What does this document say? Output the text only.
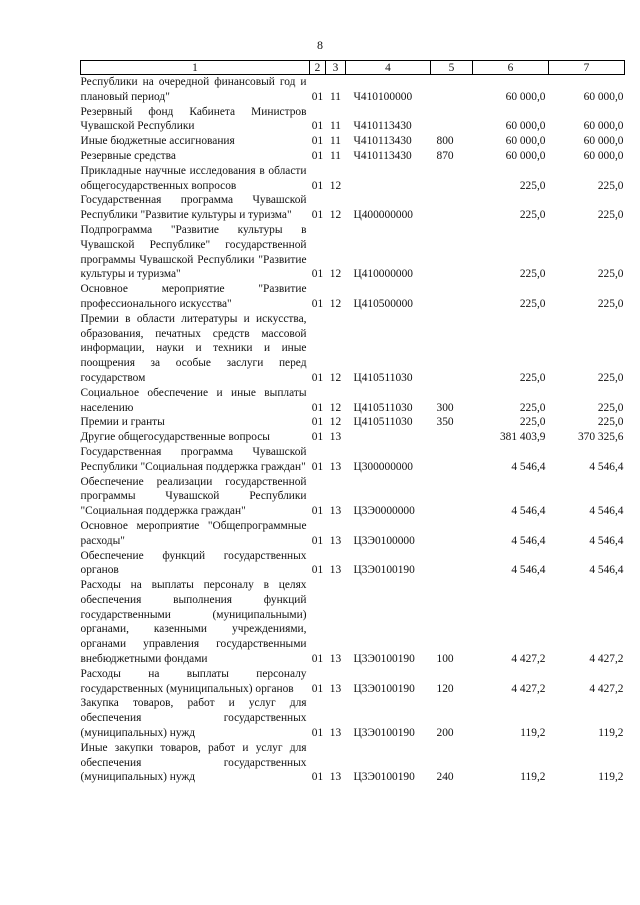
8
1	2	3	4	5	6	7
Республики на очередной финансовый год и плановый период"	01	11	Ч410100000		60 000,0	60 000,0
Резервный фонд Кабинета Министров Чувашской Республики	01	11	Ч410113430		60 000,0	60 000,0
Иные бюджетные ассигнования	01	11	Ч410113430	800	60 000,0	60 000,0
Резервные средства	01	11	Ч410113430	870	60 000,0	60 000,0
Прикладные научные исследования в области общегосударственных вопросов	01	12			225,0	225,0
Государственная программа Чувашской Республики "Развитие культуры и туризма"	01	12	Ц400000000		225,0	225,0
Подпрограмма "Развитие культуры в Чувашской Республике" государственной программы Чувашской Республики "Развитие культуры и туризма"	01	12	Ц410000000		225,0	225,0
Основное мероприятие "Развитие профессионального искусства"	01	12	Ц410500000		225,0	225,0
Премии в области литературы и искусства, образования, печатных средств массовой информации, науки и техники и иные поощрения за особые заслуги перед государством	01	12	Ц410511030		225,0	225,0
Социальное обеспечение и иные выплаты населению	01	12	Ц410511030	300	225,0	225,0
Премии и гранты	01	12	Ц410511030	350	225,0	225,0
Другие общегосударственные вопросы	01	13			381 403,9	370 325,6
Государственная программа Чувашской Республики "Социальная поддержка граждан"	01	13	Ц300000000		4 546,4	4 546,4
Обеспечение реализации государственной программы Чувашской Республики "Социальная поддержка граждан"	01	13	Ц3Э0000000		4 546,4	4 546,4
Основное мероприятие "Общепрограммные расходы"	01	13	Ц3Э0100000		4 546,4	4 546,4
Обеспечение функций государственных органов	01	13	Ц3Э0100190		4 546,4	4 546,4
Расходы на выплаты персоналу в целях обеспечения выполнения функций государственными (муниципальными) органами, казенными учреждениями, органами управления государственными внебюджетными фондами	01	13	Ц3Э0100190	100	4 427,2	4 427,2
Расходы на выплаты персоналу государственных (муниципальных) органов	01	13	Ц3Э0100190	120	4 427,2	4 427,2
Закупка товаров, работ и услуг для обеспечения государственных (муниципальных) нужд	01	13	Ц3Э0100190	200	119,2	119,2
Иные закупки товаров, работ и услуг для обеспечения государственных (муниципальных) нужд	01	13	Ц3Э0100190	240	119,2	119,2
